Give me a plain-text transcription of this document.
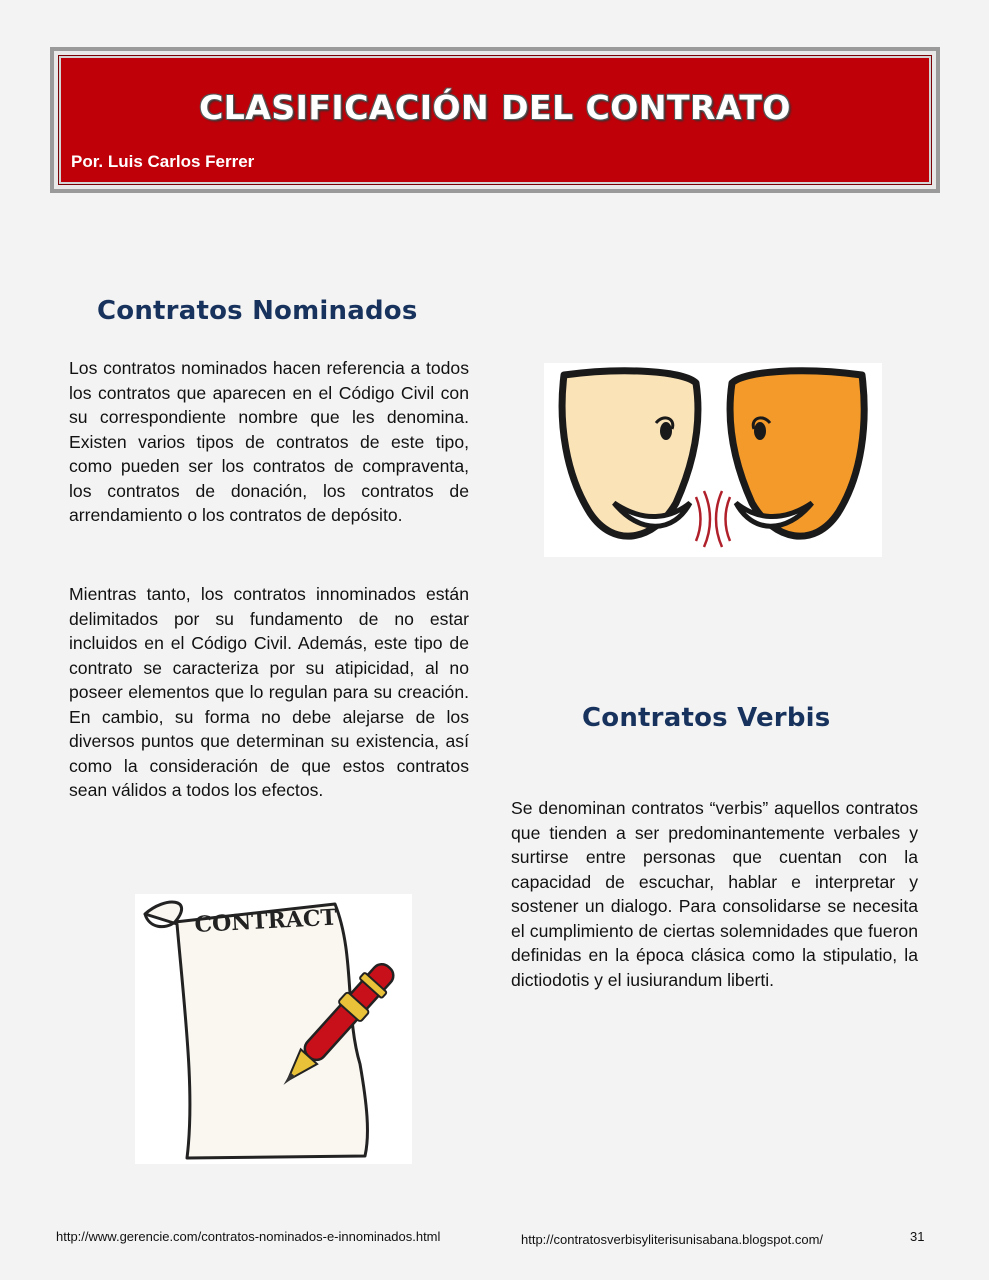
CLASIFICACIÓN DEL CONTRATO
Por. Luis Carlos Ferrer
Contratos Nominados

Los contratos nominados hacen referencia a todos los contratos que aparecen en el Código Civil con su correspondiente nombre que les denomina. Existen varios tipos de contratos de este tipo, como pueden ser los contratos de compraventa, los contratos de donación, los contratos de arrendamiento o los contratos de depósito.

Mientras tanto, los contratos innominados están delimitados por su fundamento de no estar incluidos en el Código Civil. Además, este tipo de contrato se caracteriza por su atipicidad, al no poseer elementos que lo regulan para su creación. En cambio, su forma no debe alejarse de los diversos puntos que determinan su existencia, así como la consideración de que estos contratos sean válidos a todos los efectos.

Contratos Verbis

Se denominan contratos “verbis” aquellos contratos que tienden a ser predominantemente verbales y surtirse entre personas que cuentan con la capacidad de escuchar, hablar e interpretar y sostener un dialogo. Para consolidarse se necesita el cumplimiento de ciertas solemnidades que fueron definidas en la época clásica como la stipulatio, la dictiodotis y el iusiurandum liberti.

CONTRACT
http://www.gerencie.com/contratos-nominados-e-innominados.html	http://contratosverbisyliterisunisabana.blogspot.com/	31
